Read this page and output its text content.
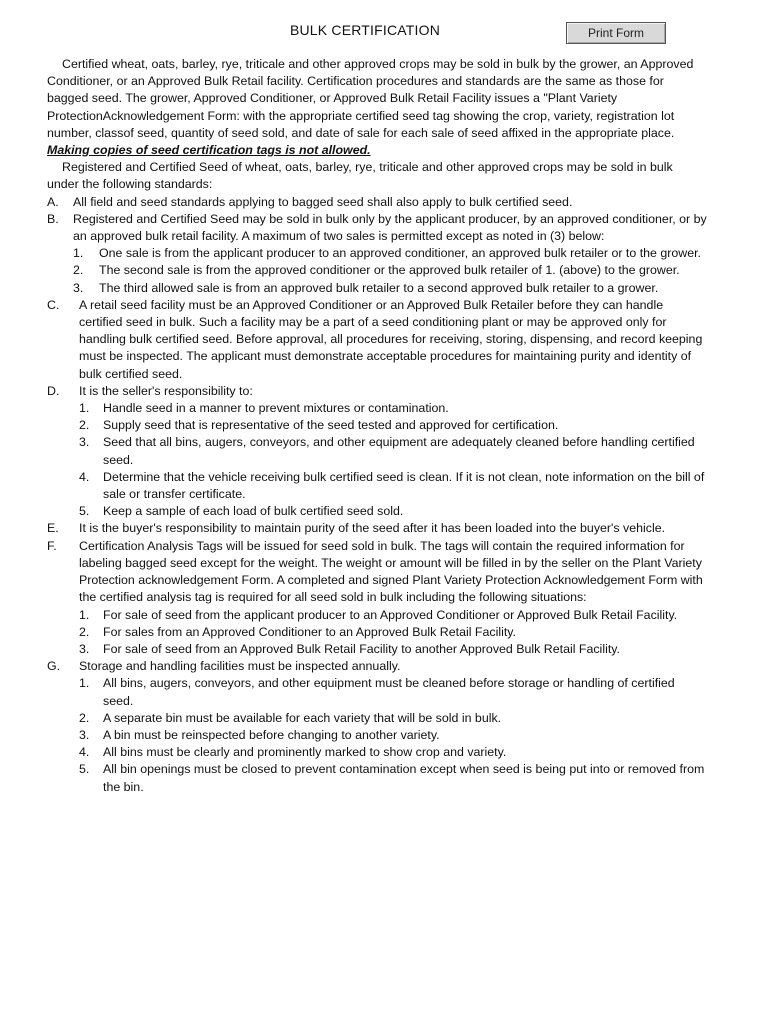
BULK CERTIFICATION	Print Form

Certified wheat, oats, barley, rye, triticale and other approved crops may be sold in bulk by the grower, an Approved Conditioner, or an Approved Bulk Retail facility. Certification procedures and standards are the same as those for bagged seed. The grower, Approved Conditioner, or Approved Bulk Retail Facility issues a "Plant Variety ProtectionAcknowledgement Form: with the appropriate certified seed tag showing the crop, variety, registration lot number, classof seed, quantity of seed sold, and date of sale for each sale of seed affixed in the appropriate place. Making copies of seed certification tags is not allowed.

Registered and Certified Seed of wheat, oats, barley, rye, triticale and other approved crops may be sold in bulk under the following standards:

A.	All field and seed standards applying to bagged seed shall also apply to bulk certified seed.
B.	Registered and Certified Seed may be sold in bulk only by the applicant producer, by an approved conditioner, or by an approved bulk retail facility. A maximum of two sales is permitted except as noted in (3) below:
1.	One sale is from the applicant producer to an approved conditioner, an approved bulk retailer or to the grower.
2.	The second sale is from the approved conditioner or the approved bulk retailer of 1. (above) to the grower.
3.	The third allowed sale is from an approved bulk retailer to a second approved bulk retailer to a grower.
C.	A retail seed facility must be an Approved Conditioner or an Approved Bulk Retailer before they can handle certified seed in bulk. Such a facility may be a part of a seed conditioning plant or may be approved only for handling bulk certified seed. Before approval, all procedures for receiving, storing, dispensing, and record keeping must be inspected. The applicant must demonstrate acceptable procedures for maintaining purity and identity of bulk certified seed.
D.	It is the seller's responsibility to:
1.	Handle seed in a manner to prevent mixtures or contamination.
2.	Supply seed that is representative of the seed tested and approved for certification.
3.	Seed that all bins, augers, conveyors, and other equipment are adequately cleaned before handling certified seed.
4.	Determine that the vehicle receiving bulk certified seed is clean. If it is not clean, note information on the bill of sale or transfer certificate.
5.	Keep a sample of each load of bulk certified seed sold.
E.	It is the buyer's responsibility to maintain purity of the seed after it has been loaded into the buyer's vehicle.
F.	Certification Analysis Tags will be issued for seed sold in bulk. The tags will contain the required information for labeling bagged seed except for the weight. The weight or amount will be filled in by the seller on the Plant Variety Protection acknowledgement Form. A completed and signed Plant Variety Protection Acknowledgement Form with the certified analysis tag is required for all seed sold in bulk including the following situations:
1.	For sale of seed from the applicant producer to an Approved Conditioner or Approved Bulk Retail Facility.
2.	For sales from an Approved Conditioner to an Approved Bulk Retail Facility.
3.	For sale of seed from an Approved Bulk Retail Facility to another Approved Bulk Retail Facility.
G.	Storage and handling facilities must be inspected annually.
1.	All bins, augers, conveyors, and other equipment must be cleaned before storage or handling of certified seed.
2.	A separate bin must be available for each variety that will be sold in bulk.
3.	A bin must be reinspected before changing to another variety.
4.	All bins must be clearly and prominently marked to show crop and variety.
5.	All bin openings must be closed to prevent contamination except when seed is being put into or removed from the bin.
